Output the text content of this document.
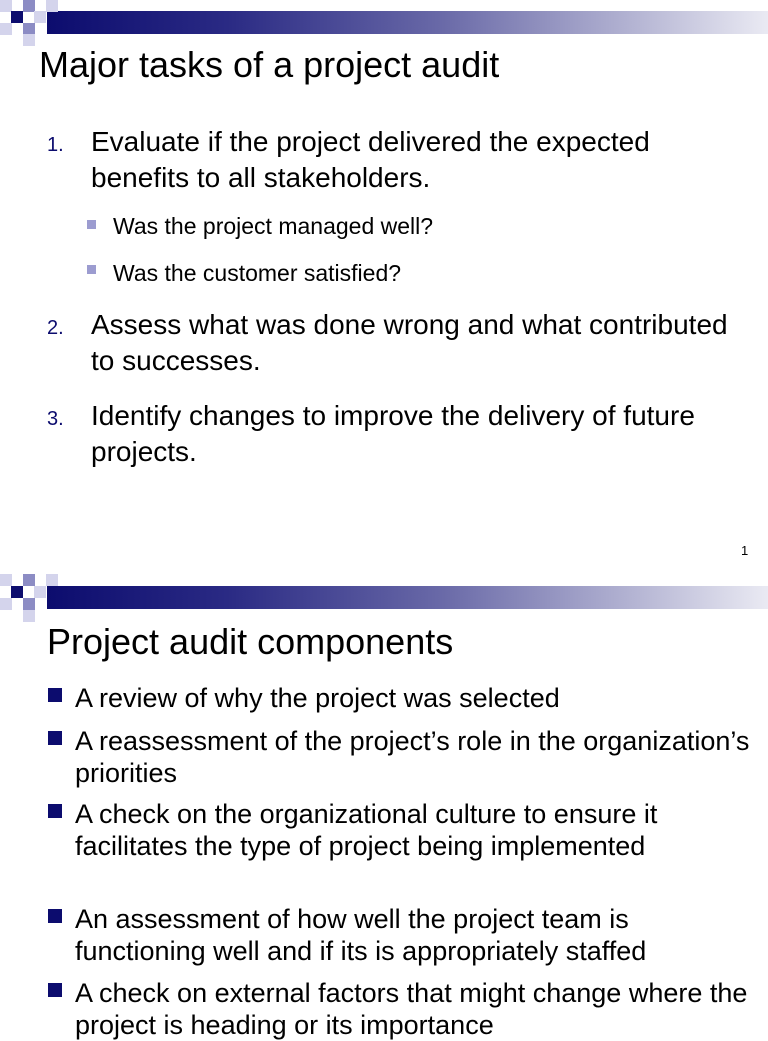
Major tasks of a project audit
1. Evaluate if the project delivered the expected benefits to all stakeholders.
Was the project managed well?
Was the customer satisfied?
2. Assess what was done wrong and what contributed to successes.
3. Identify changes to improve the delivery of future projects.
1
Project audit components
A review of why the project was selected
A reassessment of the project’s role in the organization’s priorities
A check on the organizational culture to ensure it facilitates the type of project being implemented
An assessment of how well the project team is functioning well and if its is appropriately staffed
A check on external factors that might change where the project is heading or its importance
